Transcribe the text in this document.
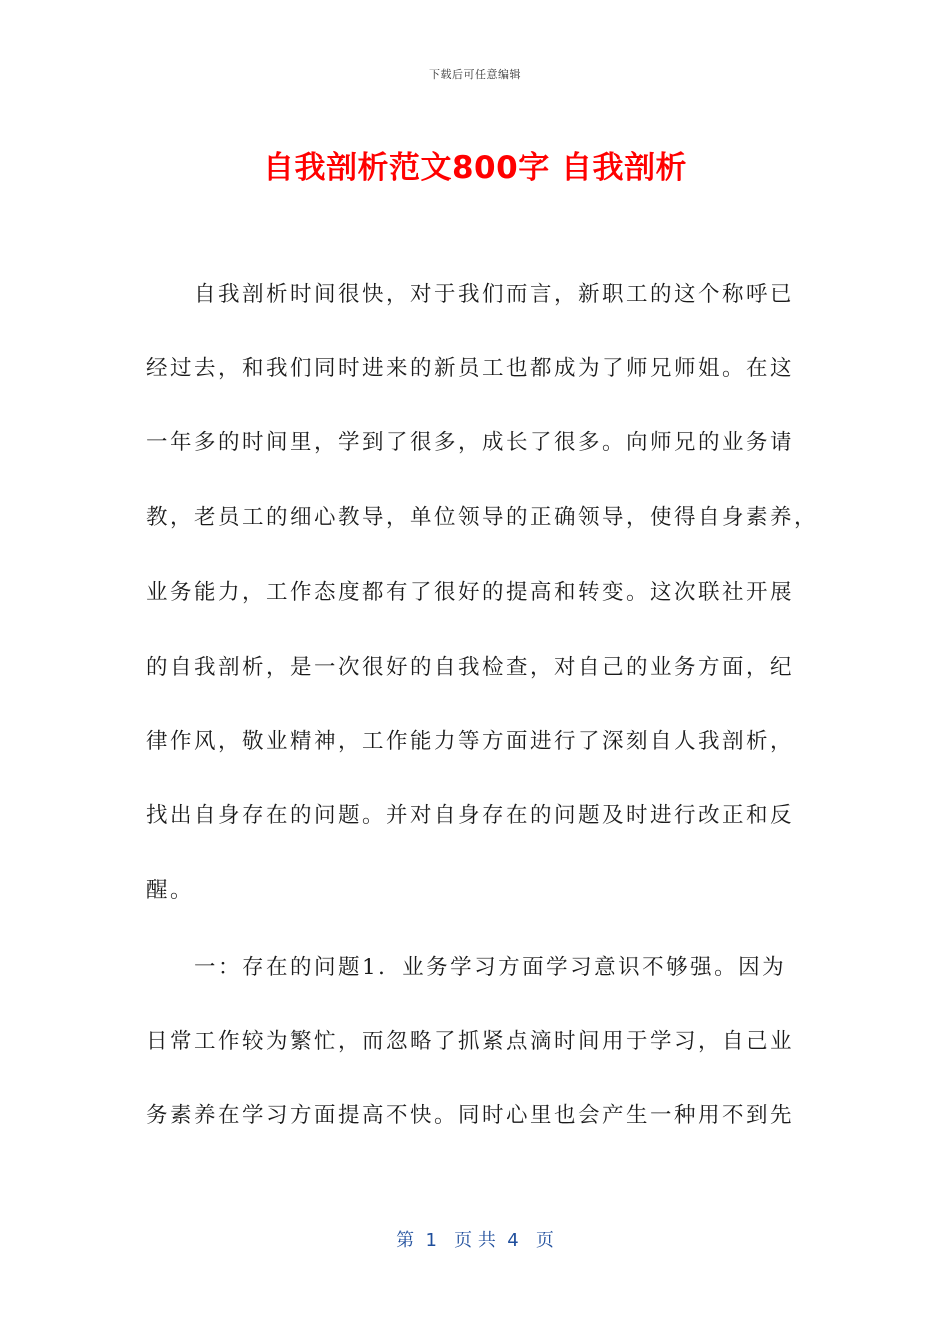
下载后可任意编辑
自我剖析范文800字 自我剖析
　　自我剖析时间很快，对于我们而言，新职工的这个称呼已
经过去，和我们同时进来的新员工也都成为了师兄师姐。在这
一年多的时间里，学到了很多，成长了很多。向师兄的业务请
教，老员工的细心教导，单位领导的正确领导，使得自身素养，
业务能力，工作态度都有了很好的提高和转变。这次联社开展
的自我剖析，是一次很好的自我检查，对自己的业务方面，纪
律作风，敬业精神，工作能力等方面进行了深刻自人我剖析，
找出自身存在的问题。并对自身存在的问题及时进行改正和反
醒。
　　一：存在的问题1．业务学习方面学习意识不够强。因为
日常工作较为繁忙，而忽略了抓紧点滴时间用于学习，自己业
务素养在学习方面提高不快。同时心里也会产生一种用不到先
第  1   页 共  4   页
